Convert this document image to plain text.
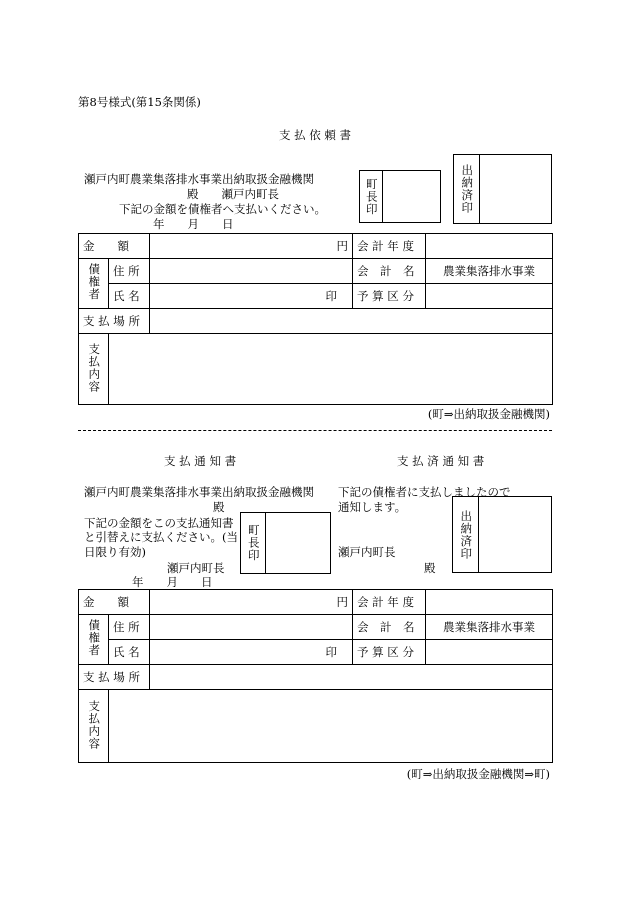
第8号様式(第15条関係)
支 払 依 頼 書
瀬戸内町農業集落排水事業出納取扱金融機関
殿　　瀬戸内町長
下記の金額を債権者へ支払いください。
年　　月　　日
町長印	出納済印
金　　額		円	会 計 年 度	
債権者	住 所		会　計　名	農業集落排水事業
	氏 名	印	予 算 区 分	
支 払 場 所				
支払内容				
(町⇒出納取扱金融機関)
支 払 通 知 書	支 払 済 通 知 書
瀬戸内町農業集落排水事業出納取扱金融機関
殿
下記の金額をこの支払通知書
と引替えに支払ください。(当
日限り有効)
瀬戸内町長
年　　月　　日
町長印
下記の債権者に支払しましたので
通知します。
瀬戸内町長
殿
出納済印
金　　額		円	会 計 年 度	
債権者	住 所		会　計　名	農業集落排水事業
	氏 名	印	予 算 区 分	
支 払 場 所				
支払内容				
(町⇒出納取扱金融機関⇒町)
